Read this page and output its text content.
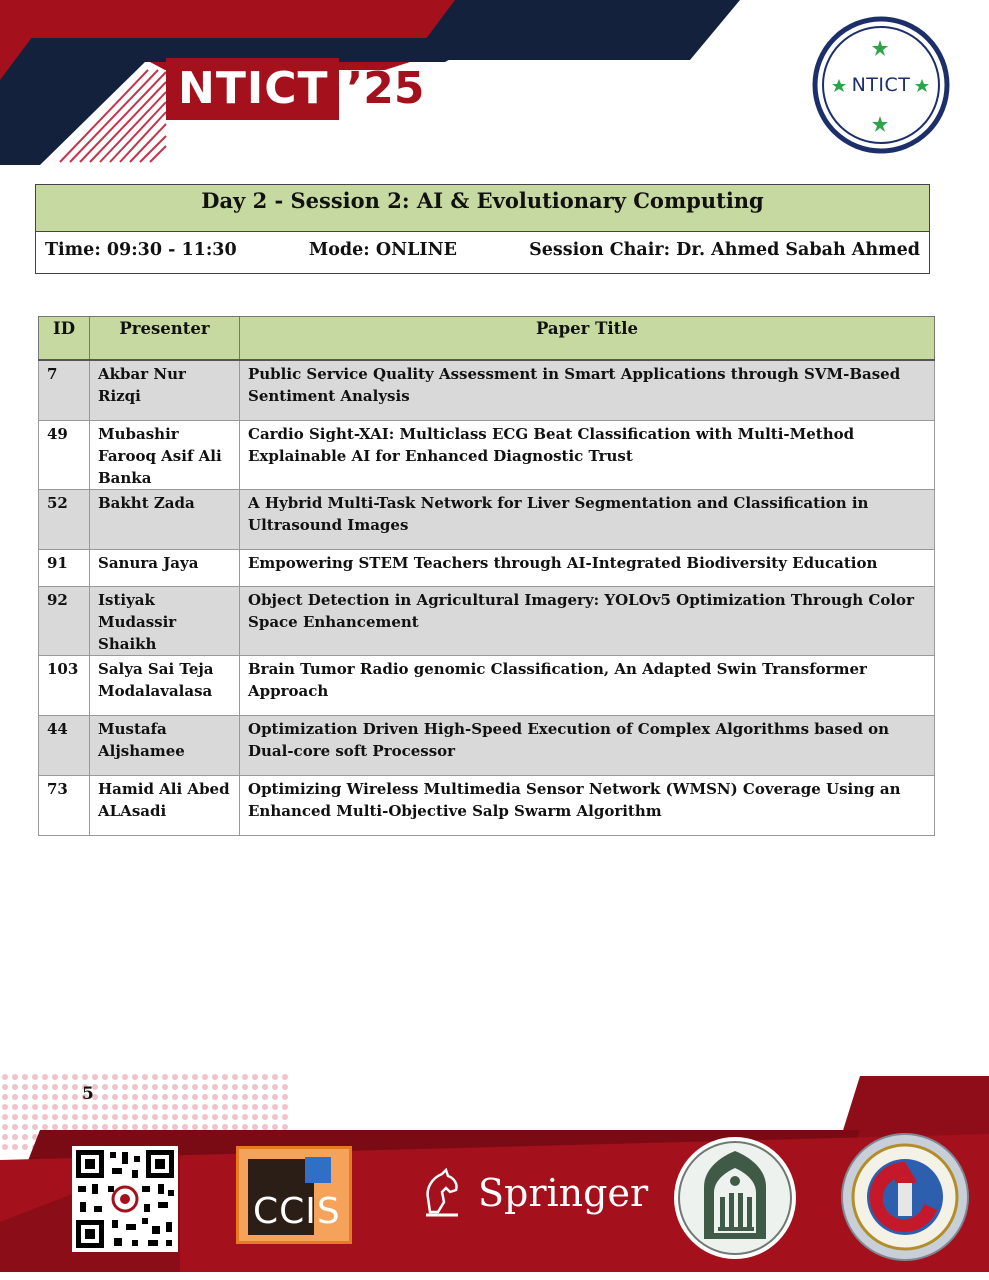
NTICT ’25	NTICT
Day 2 - Session 2: AI & Evolutionary Computing
Time: 09:30 - 11:30	Mode: ONLINE	Session Chair: Dr. Ahmed Sabah Ahmed
ID	Presenter	Paper Title
7	Akbar Nur Rizqi	Public Service Quality Assessment in Smart Applications through SVM-Based Sentiment Analysis
49	Mubashir Farooq Asif Ali Banka	Cardio Sight-XAI: Multiclass ECG Beat Classification with Multi-Method Explainable AI for Enhanced Diagnostic Trust
52	Bakht Zada	A Hybrid Multi-Task Network for Liver Segmentation and Classification in Ultrasound Images
91	Sanura Jaya	Empowering STEM Teachers through AI-Integrated Biodiversity Education
92	Istiyak Mudassir Shaikh	Object Detection in Agricultural Imagery: YOLOv5 Optimization Through Color Space Enhancement
103	Salya Sai Teja Modalavalasa	Brain Tumor Radio genomic Classification, An Adapted Swin Transformer Approach
44	Mustafa Aljshamee	Optimization Driven High-Speed Execution of Complex Algorithms based on Dual-core soft Processor
73	Hamid Ali Abed ALAsadi	Optimizing Wireless Multimedia Sensor Network (WMSN) Coverage Using an Enhanced Multi-Objective Salp Swarm Algorithm
5
CCIS	Springer
